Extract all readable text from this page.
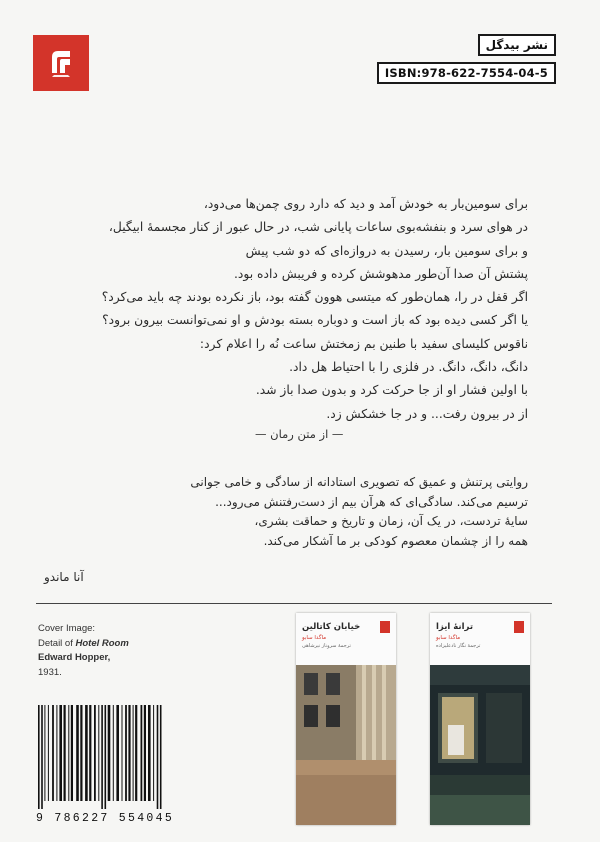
نشر بیدگل
ISBN:978-622-7554-04-5
برای سومین‌بار به خودش آمد و دید که دارد روی چمن‌ها می‌دود،
در هوای سرد و بنفشه‌بوی ساعات پایانی شب، در حال عبور از کنار مجسمهٔ ابیگیل،
و برای سومین بار، رسیدن به دروازه‌ای که دو شب پیش
پشتش آن صدا آن‌طور مدهوشش کرده و فریبش داده بود.
اگر قفل در را، همان‌طور که میتسی هوون گفته بود، باز نکرده بودند چه باید می‌کرد؟
یا اگر کسی دیده بود که باز است و دوباره بسته بودش و او نمی‌توانست بیرون برود؟
ناقوس کلیسای سفید با طنین بم زمختش ساعت نُه را اعلام کرد:
دانگ، دانگ، دانگ. در فلزی را با احتیاط هل داد.
با اولین فشار او از جا حرکت کرد و بدون صدا باز شد.
از در بیرون رفت... و در جا خشکش زد.
— از متن رمان —
روایتی پرتنش و عمیق که تصویری استادانه از سادگی و خامی جوانی
ترسیم می‌کند. سادگی‌ای که هرآن بیم از دست‌رفتنش می‌رود...
سایهٔ تردست، در یک آن، زمان و تاریخ و حماقت بشری،
همه را از چشمان معصوم کودکی بر ما آشکار می‌کند.
آنا ماندو
Cover Image:
Detail of Hotel Room
Edward Hopper,
1931.
9 786227 554045
خیابان کاتالین
ماگدا سابو
ترجمهٔ سروناز نیرشاهی
ترانهٔ ایزا
ماگدا سابو
ترجمهٔ نگار نادعلیزاده
